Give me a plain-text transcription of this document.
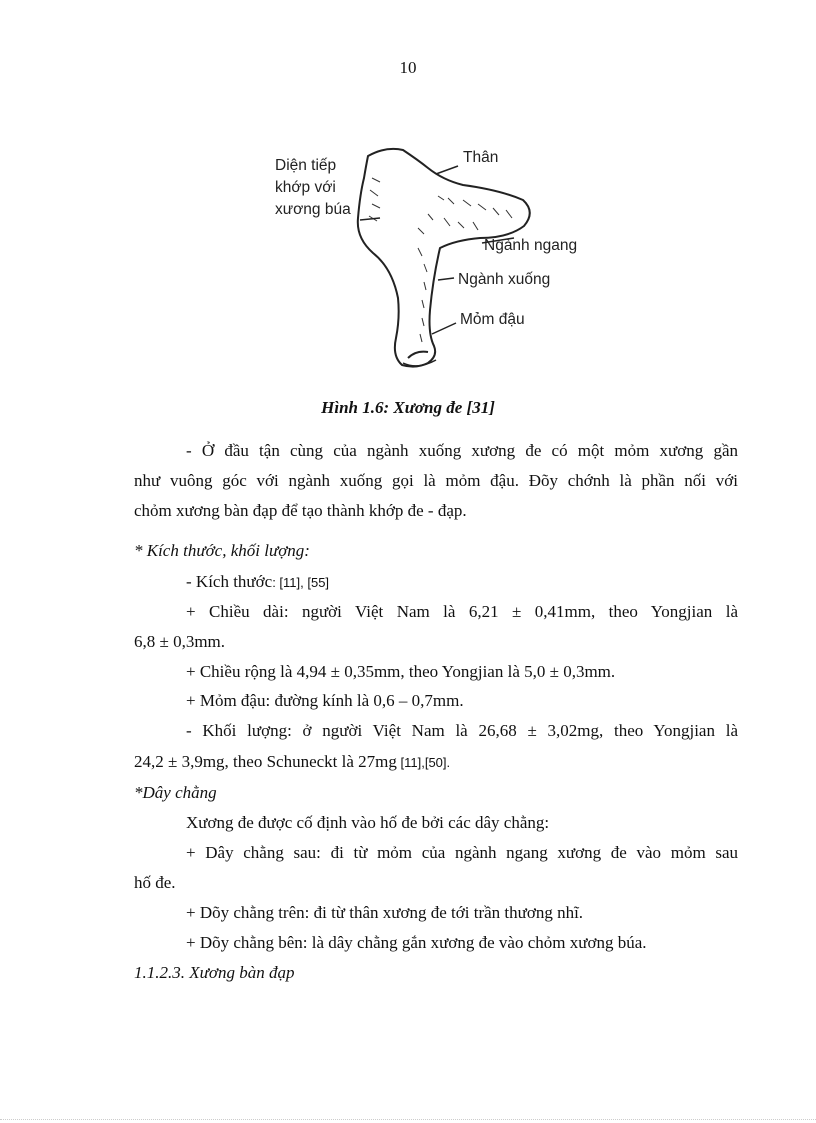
10
Diện tiếp
khớp với
xương búa
Thân
Ngành ngang
Ngành xuống
Mỏm đậu
Hình 1.6: Xương đe [31]
- Ở đầu tận cùng của ngành xuống xương đe có một mỏm xương gần
như vuông góc với ngành xuống gọi là mỏm đậu. Đõy chớnh là phần nối với
chỏm xương bàn đạp để tạo thành khớp đe - đạp.
* Kích thước, khối lượng:
- Kích thước: [11], [55]
+ Chiều dài: người Việt Nam là 6,21 ± 0,41mm, theo Yongjian là
6,8 ± 0,3mm.
+ Chiều rộng là 4,94 ± 0,35mm, theo Yongjian là 5,0 ± 0,3mm.
+ Mỏm đậu: đường kính là 0,6 – 0,7mm.
- Khối lượng: ở người Việt Nam là 26,68 ± 3,02mg, theo Yongjian là
24,2 ± 3,9mg, theo Schuneckt là 27mg [11],[50].
*Dây chằng
Xương đe được cố định vào hố đe bởi các dây chằng:
+ Dây chằng sau: đi từ mỏm của ngành ngang xương đe vào mỏm sau
hố đe.
+ Dõy chằng trên: đi từ thân xương đe tới trần thương nhĩ.
+ Dõy chằng bên: là dây chằng gắn xương đe vào chỏm xương búa.
1.1.2.3. Xương bàn đạp
